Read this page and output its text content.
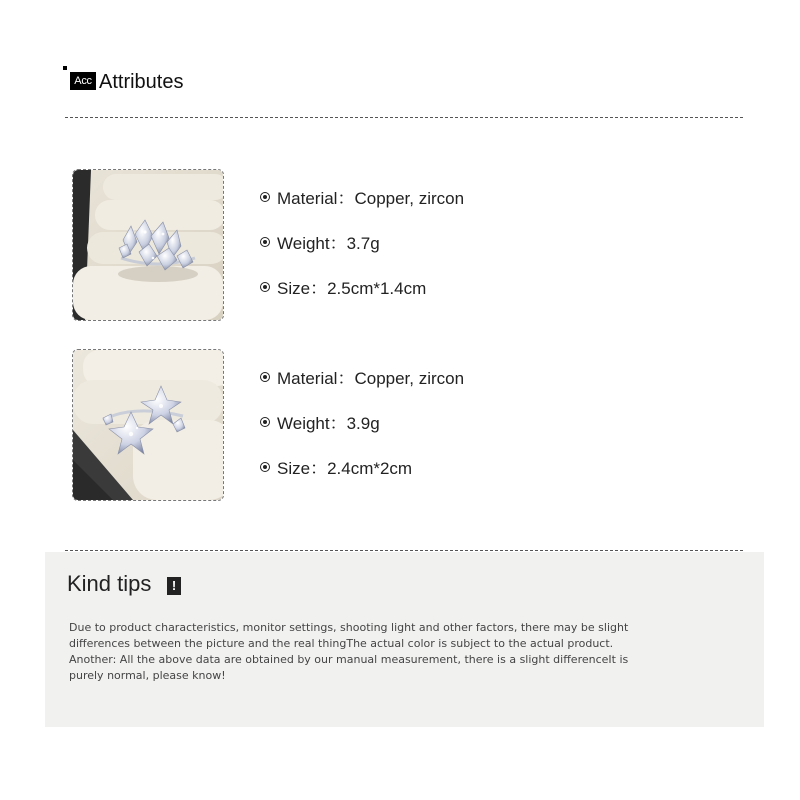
Acc Attributes
Material：Copper, zircon
Weight：3.7g
Size：2.5cm*1.4cm
Material：Copper, zircon
Weight：3.9g
Size：2.4cm*2cm
Kind tips	!
Due to product characteristics, monitor settings, shooting light and other factors, there may be slight differences between the picture and the real thingThe actual color is subject to the actual product. Another: All the above data are obtained by our manual measurement, there is a slight differenceIt is purely normal, please know!
